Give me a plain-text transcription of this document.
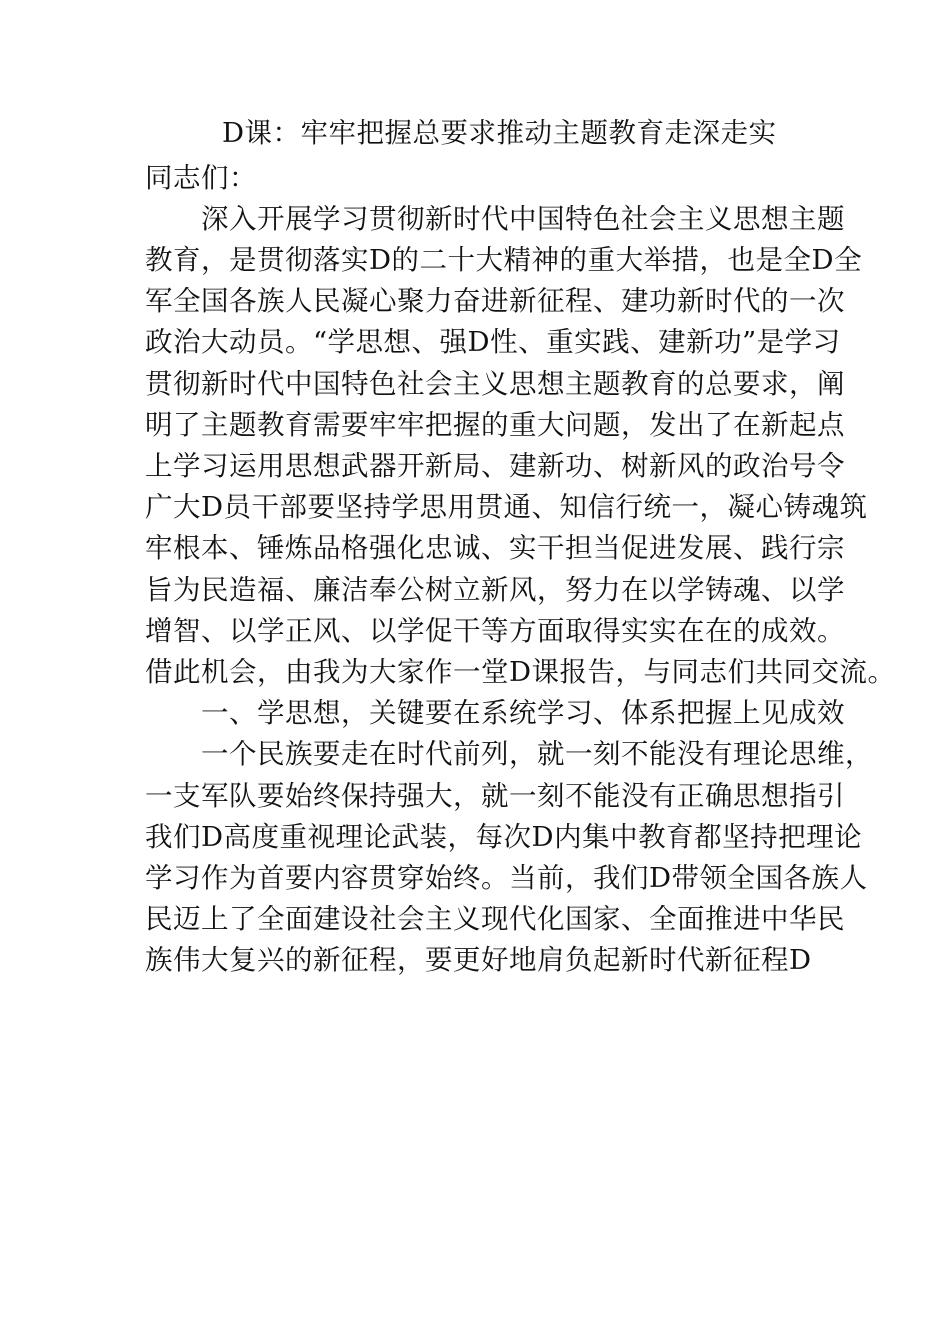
D课：牢牢把握总要求推动主题教育走深走实
同志们：
　　深入开展学习贯彻新时代中国特色社会主义思想主题
教育，是贯彻落实D的二十大精神的重大举措，也是全D全
军全国各族人民凝心聚力奋进新征程、建功新时代的一次
政治大动员。“学思想、强D性、重实践、建新功”是学习
贯彻新时代中国特色社会主义思想主题教育的总要求，阐
明了主题教育需要牢牢把握的重大问题，发出了在新起点
上学习运用思想武器开新局、建新功、树新风的政治号令
广大D员干部要坚持学思用贯通、知信行统一，凝心铸魂筑
牢根本、锤炼品格强化忠诚、实干担当促进发展、践行宗
旨为民造福、廉洁奉公树立新风，努力在以学铸魂、以学
增智、以学正风、以学促干等方面取得实实在在的成效。
借此机会，由我为大家作一堂D课报告，与同志们共同交流。
　　一、学思想，关键要在系统学习、体系把握上见成效
　　一个民族要走在时代前列，就一刻不能没有理论思维，
一支军队要始终保持强大，就一刻不能没有正确思想指引
我们D高度重视理论武装，每次D内集中教育都坚持把理论
学习作为首要内容贯穿始终。当前，我们D带领全国各族人
民迈上了全面建设社会主义现代化国家、全面推进中华民
族伟大复兴的新征程，要更好地肩负起新时代新征程D
